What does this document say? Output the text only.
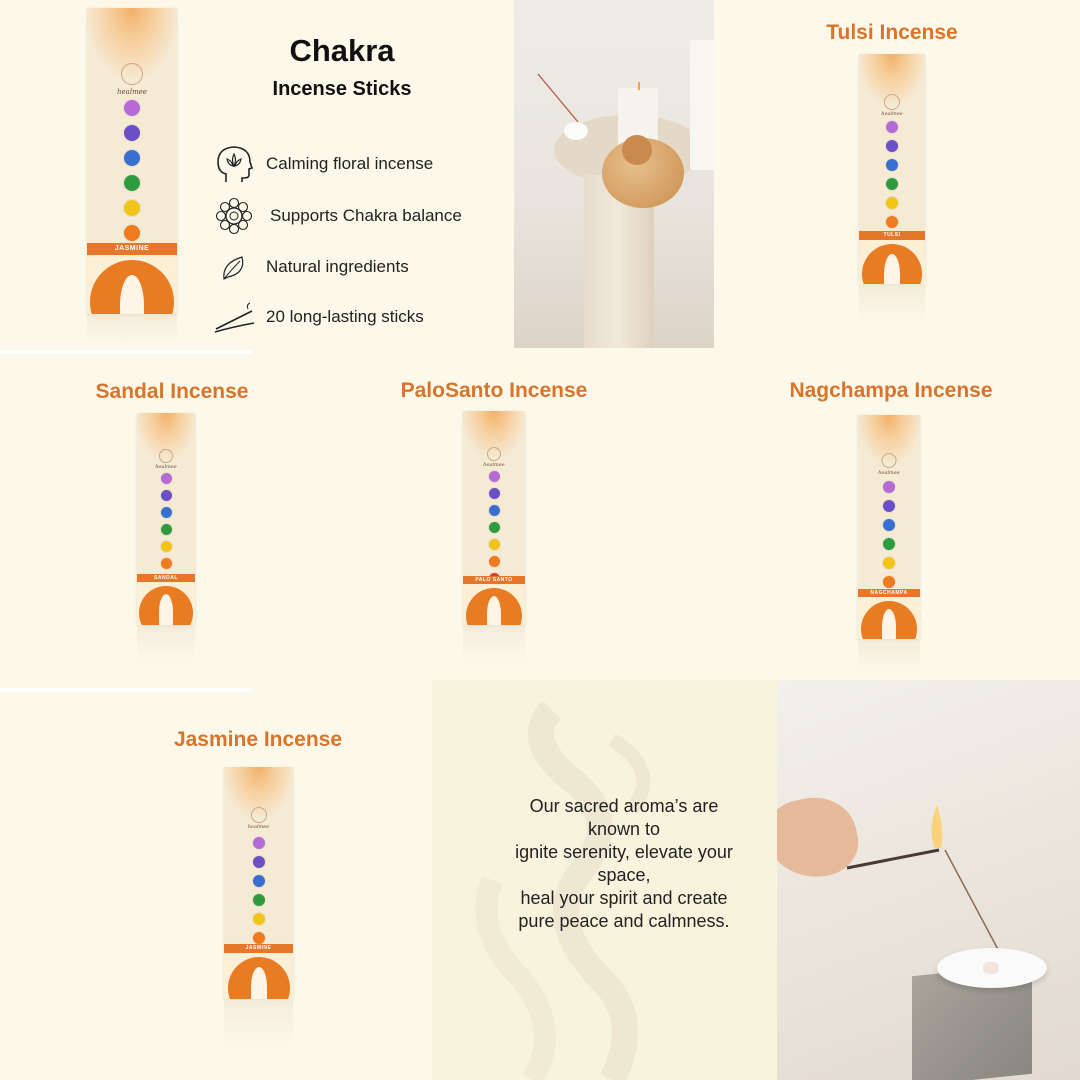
healmee
JASMINE
Chakra
Incense Sticks
Calming floral incense
Supports Chakra balance
Natural ingredients
20 long-lasting sticks
Tulsi Incense
healmee
TULSI
Sandal Incense
healmee
SANDAL
PaloSanto Incense
healmee
PALO SANTO
Nagchampa Incense
healmee
NAGCHAMPA
Jasmine Incense
healmee
JASMINE
Our sacred aroma’s are
known to
ignite serenity, elevate your
space,
heal your spirit and create
pure peace and calmness.
